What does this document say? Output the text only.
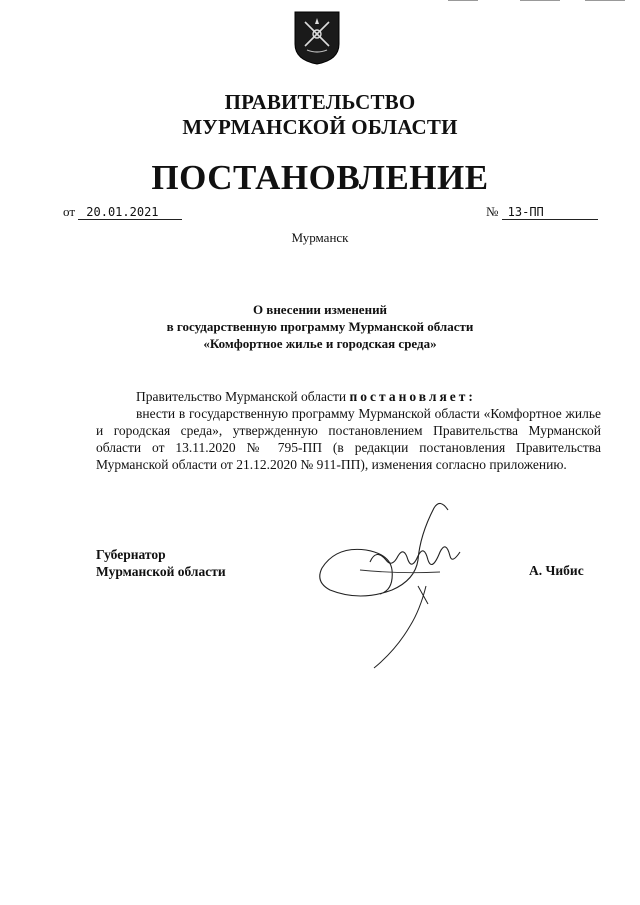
ПРАВИТЕЛЬСТВО
МУРМАНСКОЙ ОБЛАСТИ
ПОСТАНОВЛЕНИЕ
от 20.01.2021	№ 13-ПП
Мурманск
О внесении изменений
в государственную программу Мурманской области
«Комфортное жилье и городская среда»
Правительство Мурманской области постановляет:
внести в государственную программу Мурманской области «Комфортное жилье и городская среда», утвержденную постановлением Правительства Мурманской области от 13.11.2020 № 795-ПП (в редакции постановления Правительства Мурманской области от 21.12.2020 № 911-ПП), изменения согласно приложению.
Губернатор
Мурманской области	А. Чибис
